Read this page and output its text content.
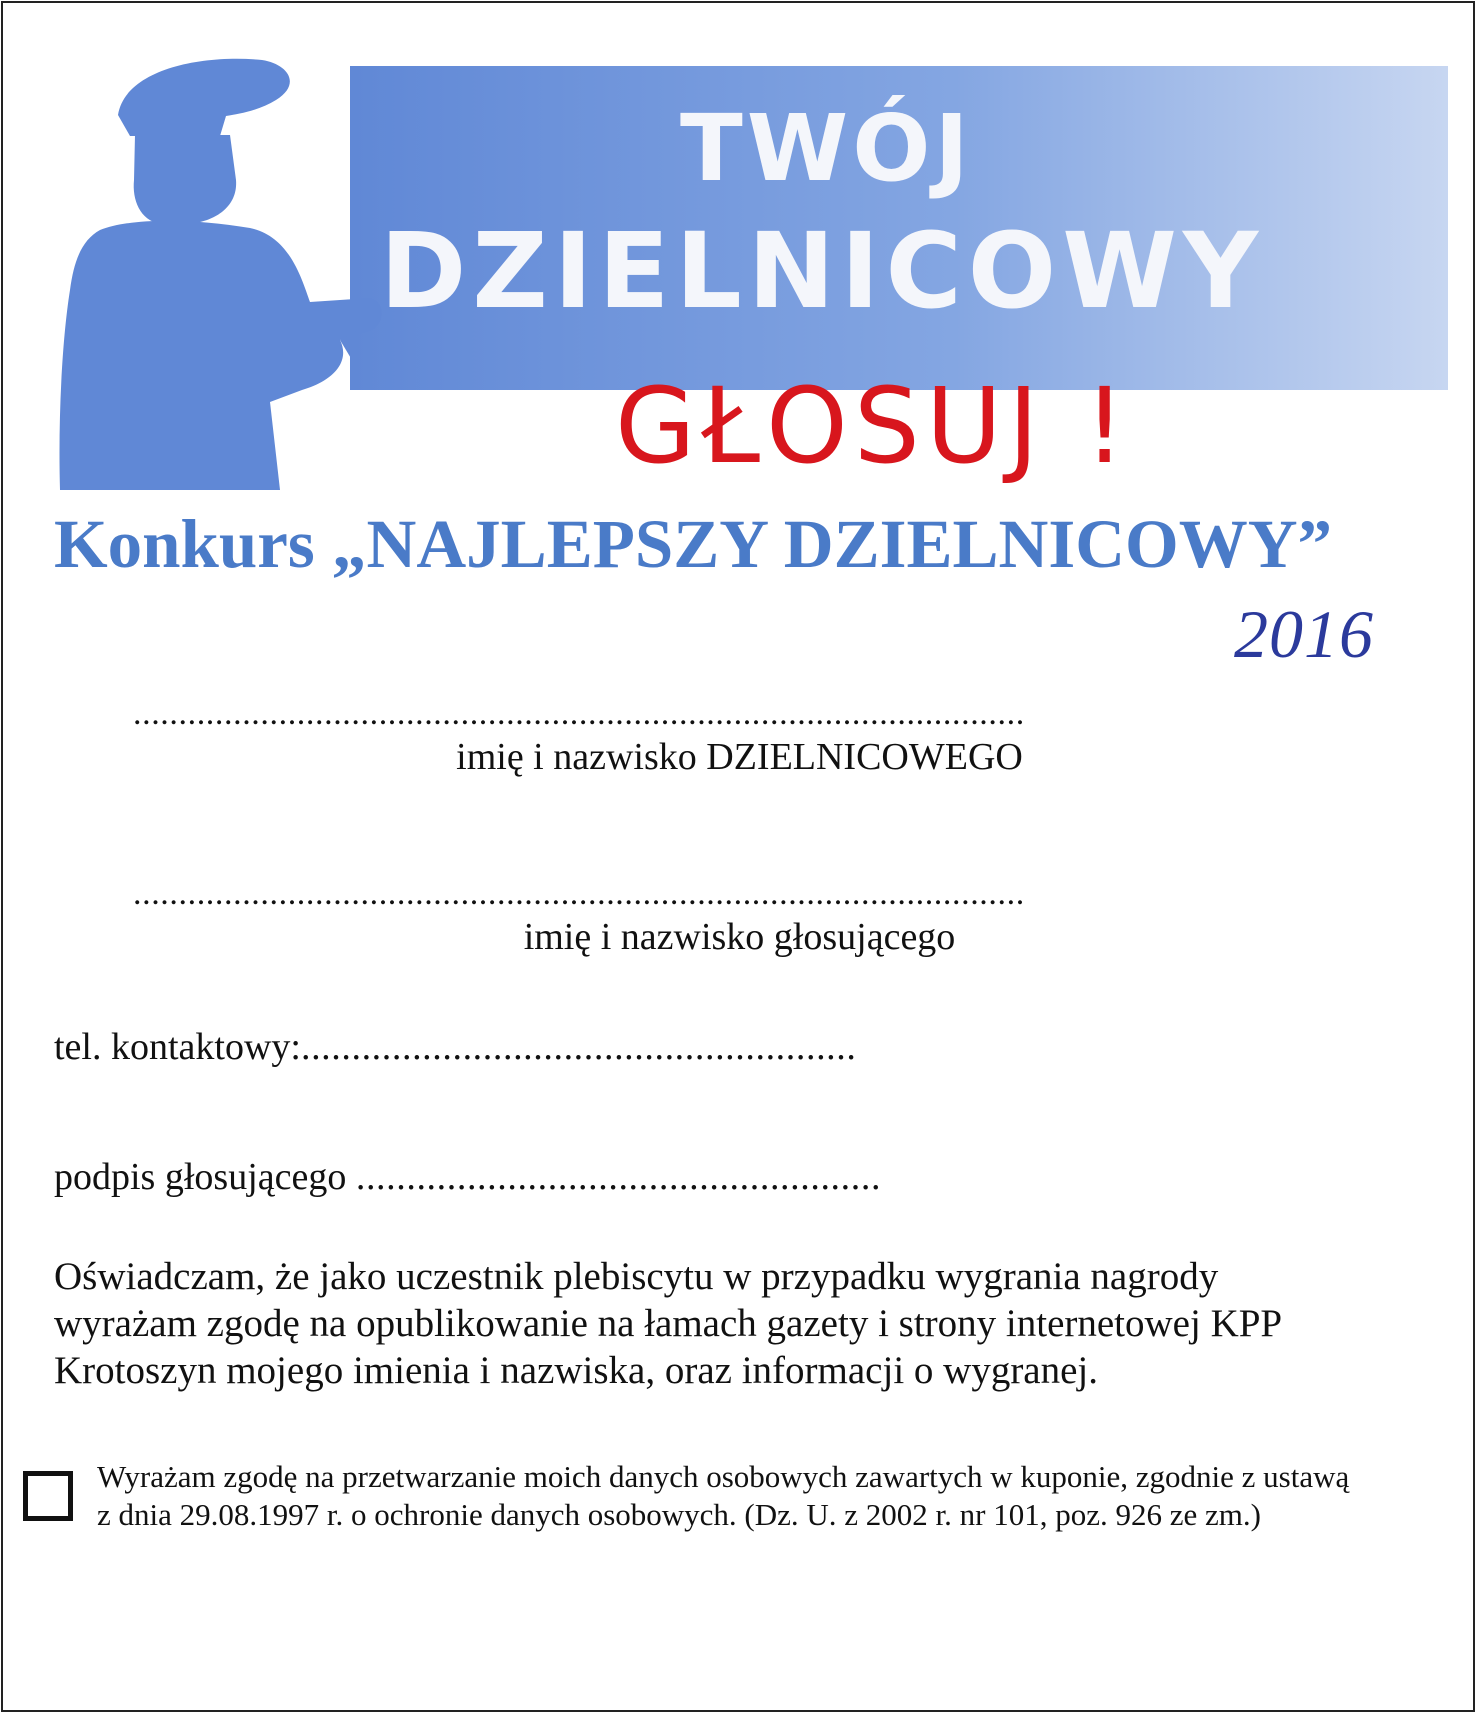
TWÓJ
DZIELNICOWY
GŁOSUJ !
Konkurs „NAJLEPSZY DZIELNICOWY”
2016
..................................................................................................
imię i nazwisko DZIELNICOWEGO
..................................................................................................
imię i nazwisko głosującego
tel. kontaktowy:.......................................................
podpis głosującego ....................................................
Oświadczam, że jako uczestnik plebiscytu w przypadku wygrania nagrody
wyrażam zgodę na opublikowanie na łamach gazety i strony internetowej KPP
Krotoszyn mojego imienia i nazwiska, oraz informacji o wygranej.
Wyrażam zgodę na przetwarzanie moich danych osobowych zawartych w kuponie, zgodnie z ustawą
z dnia 29.08.1997 r. o ochronie danych osobowych. (Dz. U. z 2002 r. nr 101, poz. 926 ze zm.)
